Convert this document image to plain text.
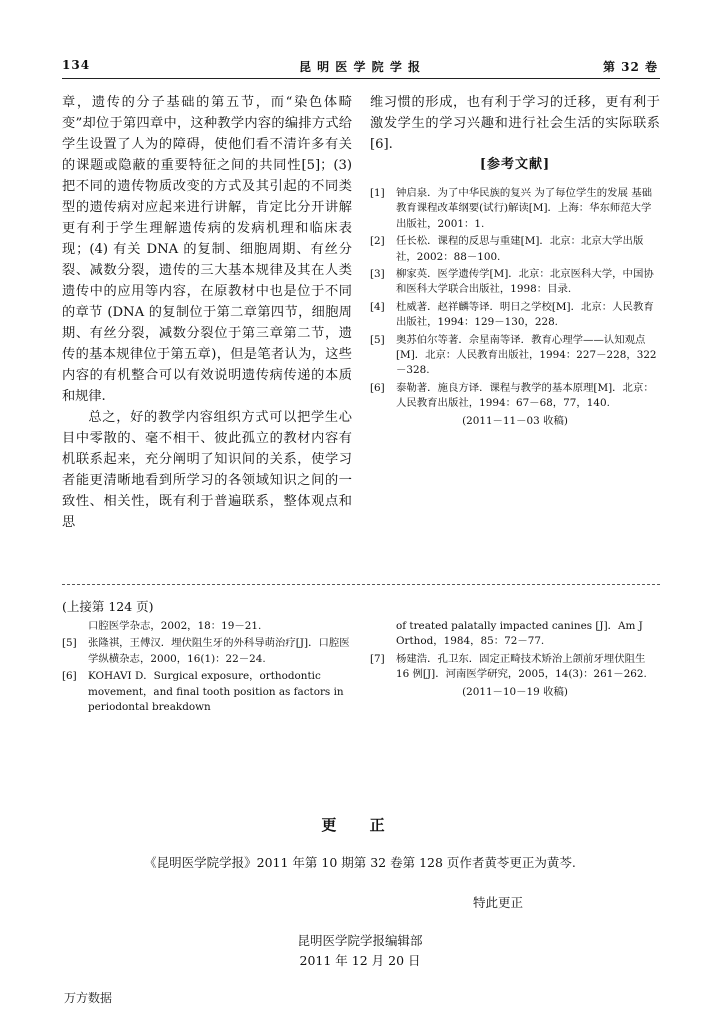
134	昆 明 医 学 院 学 报	第 32 卷

章，遗传的分子基础的第五节，而“染色体畸变”却位于第四章中，这种教学内容的编排方式给学生设置了人为的障碍，使他们看不清许多有关的课题或隐蔽的重要特征之间的共同性[5]；(3) 把不同的遗传物质改变的方式及其引起的不同类型的遗传病对应起来进行讲解，肯定比分开讲解更有利于学生理解遗传病的发病机理和临床表现；(4) 有关 DNA 的复制、细胞周期、有丝分裂、减数分裂，遗传的三大基本规律及其在人类遗传中的应用等内容，在原教材中也是位于不同的章节 (DNA 的复制位于第二章第四节，细胞周期、有丝分裂，减数分裂位于第三章第二节，遗传的基本规律位于第五章)，但是笔者认为，这些内容的有机整合可以有效说明遗传病传递的本质和规律.

总之，好的教学内容组织方式可以把学生心目中零散的、毫不相干、彼此孤立的教材内容有机联系起来，充分阐明了知识间的关系，使学习者能更清晰地看到所学习的各领域知识之间的一致性、相关性，既有利于普遍联系，整体观点和思

维习惯的形成，也有利于学习的迁移，更有利于激发学生的学习兴趣和进行社会生活的实际联系[6].

[参考文献]
[1] 钟启泉．为了中华民族的复兴 为了每位学生的发展 基础教育课程改革纲要(试行)解读[M]．上海：华东师范大学出版社，2001：1.
[2] 任长松．课程的反思与重建[M]．北京：北京大学出版社，2002：88－100.
[3] 柳家英．医学遗传学[M]．北京：北京医科大学，中国协和医科大学联合出版社，1998：目录.
[4] 杜威著．赵祥麟等译．明日之学校[M]．北京：人民教育出版社，1994：129－130，228.
[5] 奥苏伯尔等著．佘星南等译．教育心理学——认知观点[M]．北京：人民教育出版社，1994：227－228，322－328.
[6] 泰勒著．施良方译．课程与教学的基本原理[M]．北京：人民教育出版社，1994：67－68，77，140.
(2011－11－03 收稿)
(上接第 124 页)
口腔医学杂志，2002，18：19－21.
[5] 张隆祺，王傅汉．埋伏阻生牙的外科导萌治疗[J]．口腔医学纵横杂志，2000，16(1)：22－24.
[6] KOHAVI D．Surgical exposure，orthodontic movement，and final tooth position as factors in periodontal breakdown
of treated palatally impacted canines [J]．Am J Orthod，1984，85：72－77.
[7] 杨建浩．孔卫东．固定正畸技术矫治上颌前牙埋伏阻生 16 例[J]．河南医学研究，2005，14(3)：261－262.
(2011－10－19 收稿)
更 正
《昆明医学院学报》2011 年第 10 期第 32 卷第 128 页作者黄苓更正为黄芩.
特此更正
昆明医学院学报编辑部
2011 年 12 月 20 日
万方数据
